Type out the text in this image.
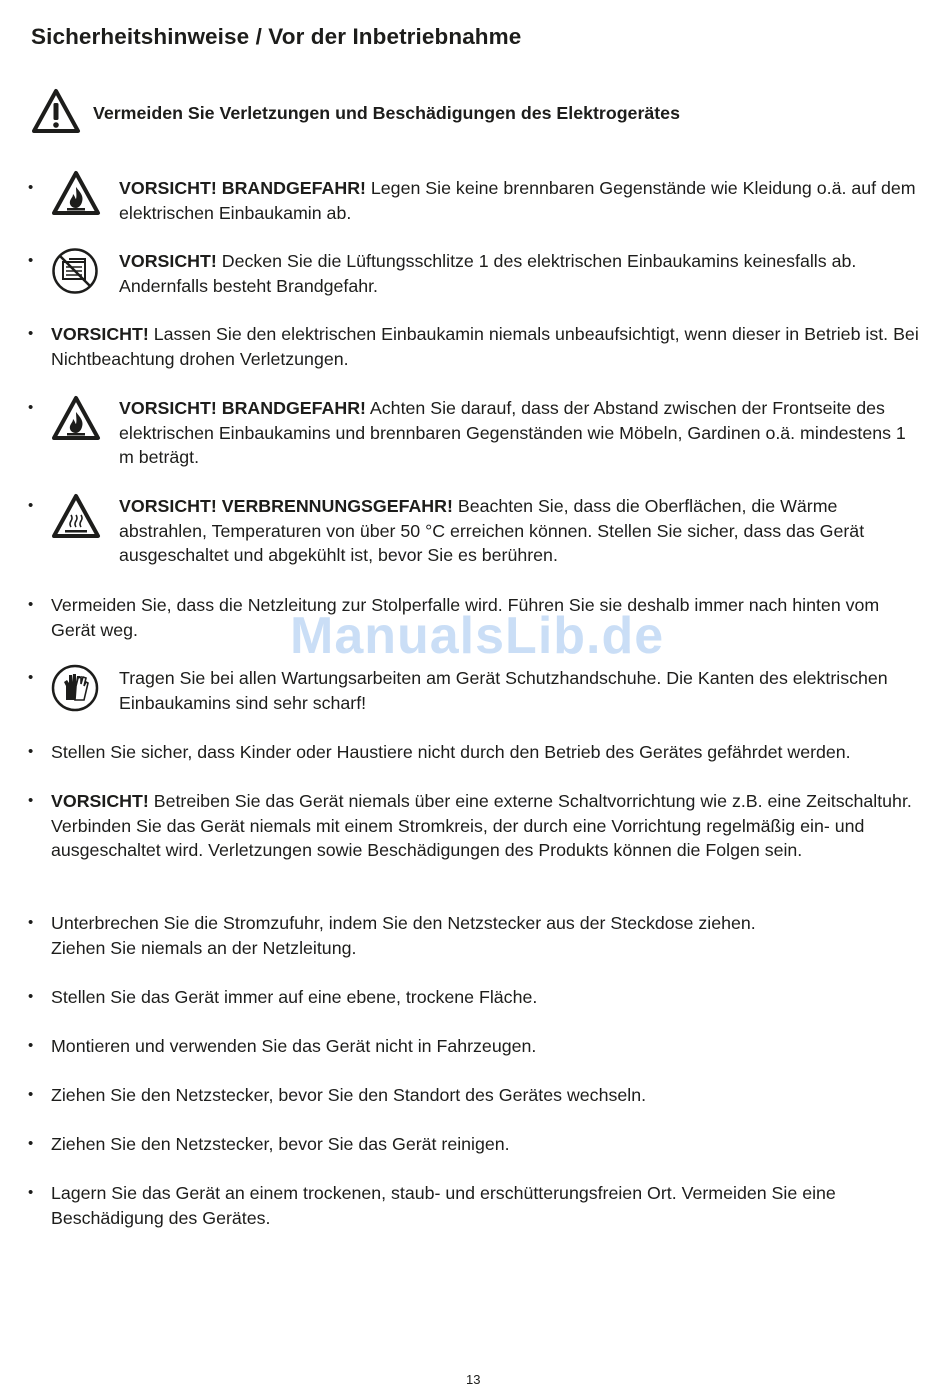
Sicherheitshinweise / Vor der Inbetriebnahme
Vermeiden Sie Verletzungen und Beschädigungen des Elektrogerätes
•	VORSICHT! BRANDGEFAHR! Legen Sie keine brennbaren Gegenstände wie Kleidung o.ä. auf dem elektrischen Einbaukamin ab.
•	VORSICHT! Decken Sie die Lüftungsschlitze 1 des elektrischen Einbaukamins keinesfalls ab. Andernfalls besteht Brandgefahr.
• VORSICHT! Lassen Sie den elektrischen Einbaukamin niemals unbeaufsichtigt, wenn dieser in Betrieb ist. Bei Nichtbeachtung drohen Verletzungen.
•	VORSICHT! BRANDGEFAHR! Achten Sie darauf, dass der Abstand zwischen der Frontseite des elektrischen Einbaukamins und brennbaren Gegenständen wie Möbeln, Gardinen o.ä. mindestens 1 m beträgt.
•	VORSICHT! VERBRENNUNGSGEFAHR! Beachten Sie, dass die Oberflächen, die Wärme abstrahlen, Temperaturen von über 50 °C erreichen können. Stellen Sie sicher, dass das Gerät ausgeschaltet und abgekühlt ist, bevor Sie es berühren.
• Vermeiden Sie, dass die Netzleitung zur Stolperfalle wird. Führen Sie sie deshalb immer nach hinten vom Gerät weg.
•	Tragen Sie bei allen Wartungsarbeiten am Gerät Schutzhandschuhe. Die Kanten des elektrischen Einbaukamins sind sehr scharf!
• Stellen Sie sicher, dass Kinder oder Haustiere nicht durch den Betrieb des Gerätes gefährdet werden.
• VORSICHT! Betreiben Sie das Gerät niemals über eine externe Schaltvorrichtung wie z.B. eine Zeitschaltuhr. Verbinden Sie das Gerät niemals mit einem Stromkreis, der durch eine Vorrichtung regelmäßig ein- und ausgeschaltet wird. Verletzungen sowie Beschädigungen des Produkts können die Folgen sein.
• Unterbrechen Sie die Stromzufuhr, indem Sie den Netzstecker aus der Steckdose ziehen.
Ziehen Sie niemals an der Netzleitung.
• Stellen Sie das Gerät immer auf eine ebene, trockene Fläche.
• Montieren und verwenden Sie das Gerät nicht in Fahrzeugen.
• Ziehen Sie den Netzstecker, bevor Sie den Standort des Gerätes wechseln.
• Ziehen Sie den Netzstecker, bevor Sie das Gerät reinigen.
• Lagern Sie das Gerät an einem trockenen, staub- und erschütterungsfreien Ort. Vermeiden Sie eine Beschädigung des Gerätes.
ManualsLib.de
13
